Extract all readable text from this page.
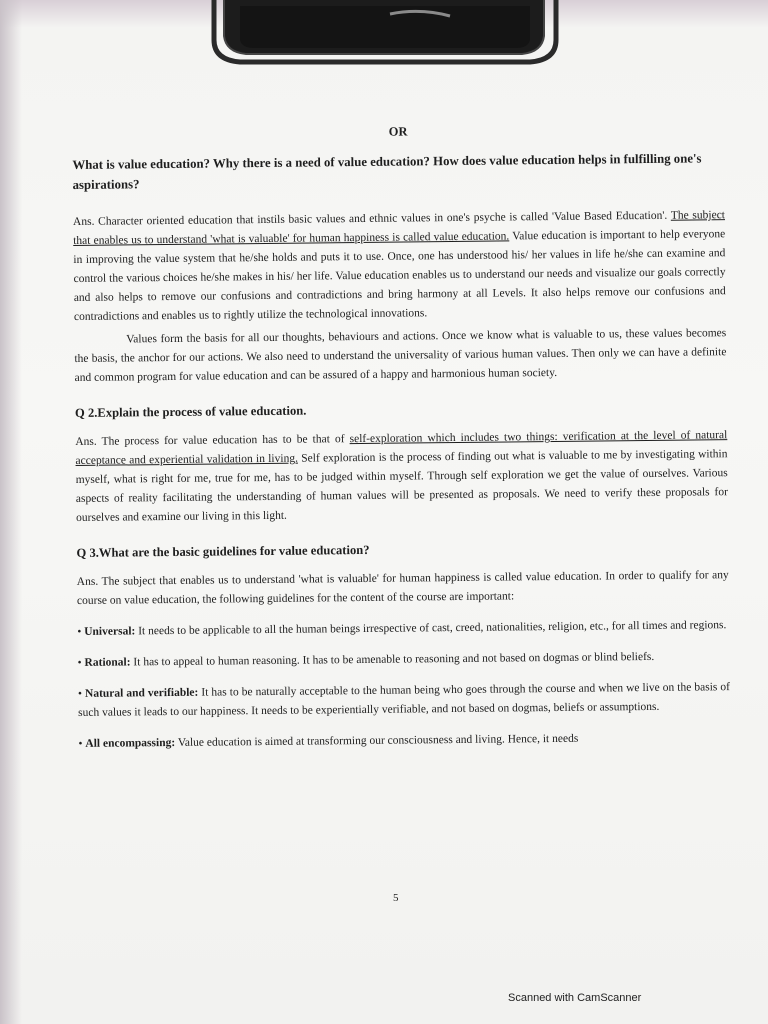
OR
What is value education? Why there is a need of value education? How does value education helps in fulfilling one's aspirations?

Ans. Character oriented education that instils basic values and ethnic values in one's psyche is called 'Value Based Education'. The subject that enables us to understand 'what is valuable' for human happiness is called value education. Value education is important to help everyone in improving the value system that he/she holds and puts it to use. Once, one has understood his/ her values in life he/she can examine and control the various choices he/she makes in his/ her life. Value education enables us to understand our needs and visualize our goals correctly and also helps to remove our confusions and contradictions and bring harmony at all Levels. It also helps remove our confusions and contradictions and enables us to rightly utilize the technological innovations.

Values form the basis for all our thoughts, behaviours and actions. Once we know what is valuable to us, these values becomes the basis, the anchor for our actions. We also need to understand the universality of various human values. Then only we can have a definite and common program for value education and can be assured of a happy and harmonious human society.

Q 2.Explain the process of value education.

Ans. The process for value education has to be that of self-exploration which includes two things: verification at the level of natural acceptance and experiential validation in living. Self exploration is the process of finding out what is valuable to me by investigating within myself, what is right for me, true for me, has to be judged within myself. Through self exploration we get the value of ourselves. Various aspects of reality facilitating the understanding of human values will be presented as proposals. We need to verify these proposals for ourselves and examine our living in this light.

Q 3.What are the basic guidelines for value education?

Ans. The subject that enables us to understand 'what is valuable' for human happiness is called value education. In order to qualify for any course on value education, the following guidelines for the content of the course are important:

• Universal: It needs to be applicable to all the human beings irrespective of cast, creed, nationalities, religion, etc., for all times and regions.

• Rational: It has to appeal to human reasoning. It has to be amenable to reasoning and not based on dogmas or blind beliefs.

• Natural and verifiable: It has to be naturally acceptable to the human being who goes through the course and when we live on the basis of such values it leads to our happiness. It needs to be experientially verifiable, and not based on dogmas, beliefs or assumptions.

• All encompassing: Value education is aimed at transforming our consciousness and living. Hence, it needs

5
Scanned with CamScanner
